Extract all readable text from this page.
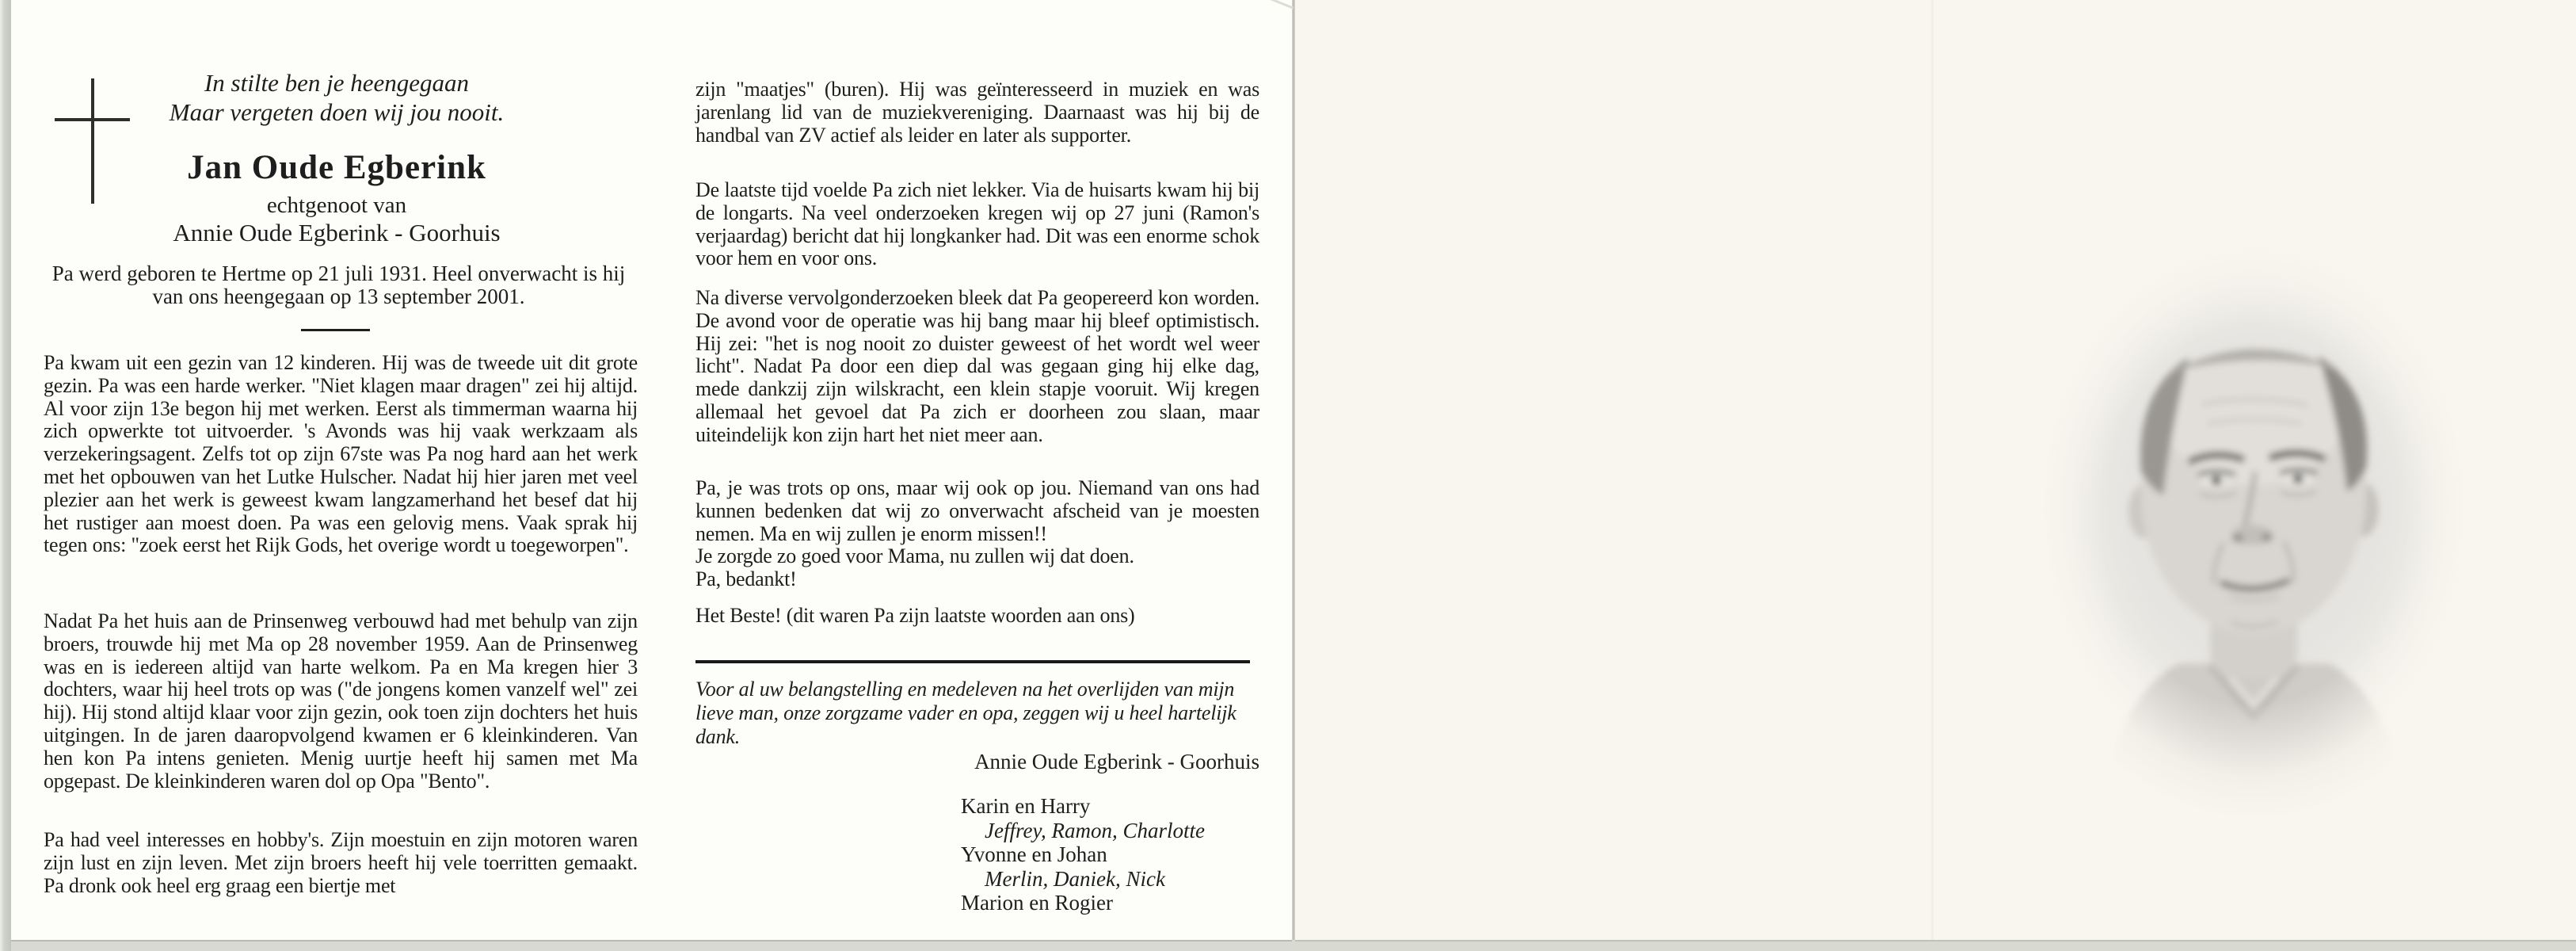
In stilte ben je heengegaan

Maar vergeten doen wij jou nooit.

Jan Oude Egberink

echtgenoot van

Annie Oude Egberink - Goorhuis

Pa werd geboren te Hertme op 21 juli 1931. Heel onverwacht is hij van ons heengegaan op 13 september 2001.

Pa kwam uit een gezin van 12 kinderen. Hij was de tweede uit dit grote gezin. Pa was een harde werker. "Niet klagen maar dragen" zei hij altijd. Al voor zijn 13e begon hij met werken. Eerst als timmerman waarna hij zich opwerkte tot uitvoerder. 's Avonds was hij vaak werkzaam als verzekeringsagent. Zelfs tot op zijn 67ste was Pa nog hard aan het werk met het opbouwen van het Lutke Hulscher. Nadat hij hier jaren met veel plezier aan het werk is geweest kwam langzamerhand het besef dat hij het rustiger aan moest doen. Pa was een gelovig mens. Vaak sprak hij tegen ons: "zoek eerst het Rijk Gods, het overige wordt u toegeworpen".

Nadat Pa het huis aan de Prinsenweg verbouwd had met behulp van zijn broers, trouwde hij met Ma op 28 november 1959. Aan de Prinsenweg was en is iedereen altijd van harte welkom. Pa en Ma kregen hier 3 dochters, waar hij heel trots op was ("de jongens komen vanzelf wel" zei hij). Hij stond altijd klaar voor zijn gezin, ook toen zijn dochters het huis uitgingen. In de jaren daaropvolgend kwamen er 6 kleinkinderen. Van hen kon Pa intens genieten. Menig uurtje heeft hij samen met Ma opgepast. De kleinkinderen waren dol op Opa "Bento".

Pa had veel interesses en hobby's. Zijn moestuin en zijn motoren waren zijn lust en zijn leven. Met zijn broers heeft hij vele toerritten gemaakt. Pa dronk ook heel erg graag een biertje met

zijn "maatjes" (buren). Hij was geïnteresseerd in muziek en was jarenlang lid van de muziekvereniging. Daarnaast was hij bij de handbal van ZV actief als leider en later als supporter.

De laatste tijd voelde Pa zich niet lekker. Via de huisarts kwam hij bij de longarts. Na veel onderzoeken kregen wij op 27 juni (Ramon's verjaardag) bericht dat hij longkanker had. Dit was een enorme schok voor hem en voor ons.

Na diverse vervolgonderzoeken bleek dat Pa geopereerd kon worden. De avond voor de operatie was hij bang maar hij bleef optimistisch. Hij zei: "het is nog nooit zo duister geweest of het wordt wel weer licht". Nadat Pa door een diep dal was gegaan ging hij elke dag, mede dankzij zijn wilskracht, een klein stapje vooruit. Wij kregen allemaal het gevoel dat Pa zich er doorheen zou slaan, maar uiteindelijk kon zijn hart het niet meer aan.

Pa, je was trots op ons, maar wij ook op jou. Niemand van ons had kunnen bedenken dat wij zo onverwacht afscheid van je moesten nemen. Ma en wij zullen je enorm missen!!
Je zorgde zo goed voor Mama, nu zullen wij dat doen.
Pa, bedankt!

Het Beste! (dit waren Pa zijn laatste woorden aan ons)

Voor al uw belangstelling en medeleven na het overlijden van mijn lieve man, onze zorgzame vader en opa, zeggen wij u heel hartelijk dank.

Annie Oude Egberink - Goorhuis

Karin en Harry
Jeffrey, Ramon, Charlotte
Yvonne en Johan
Merlin, Daniek, Nick
Marion en Rogier
